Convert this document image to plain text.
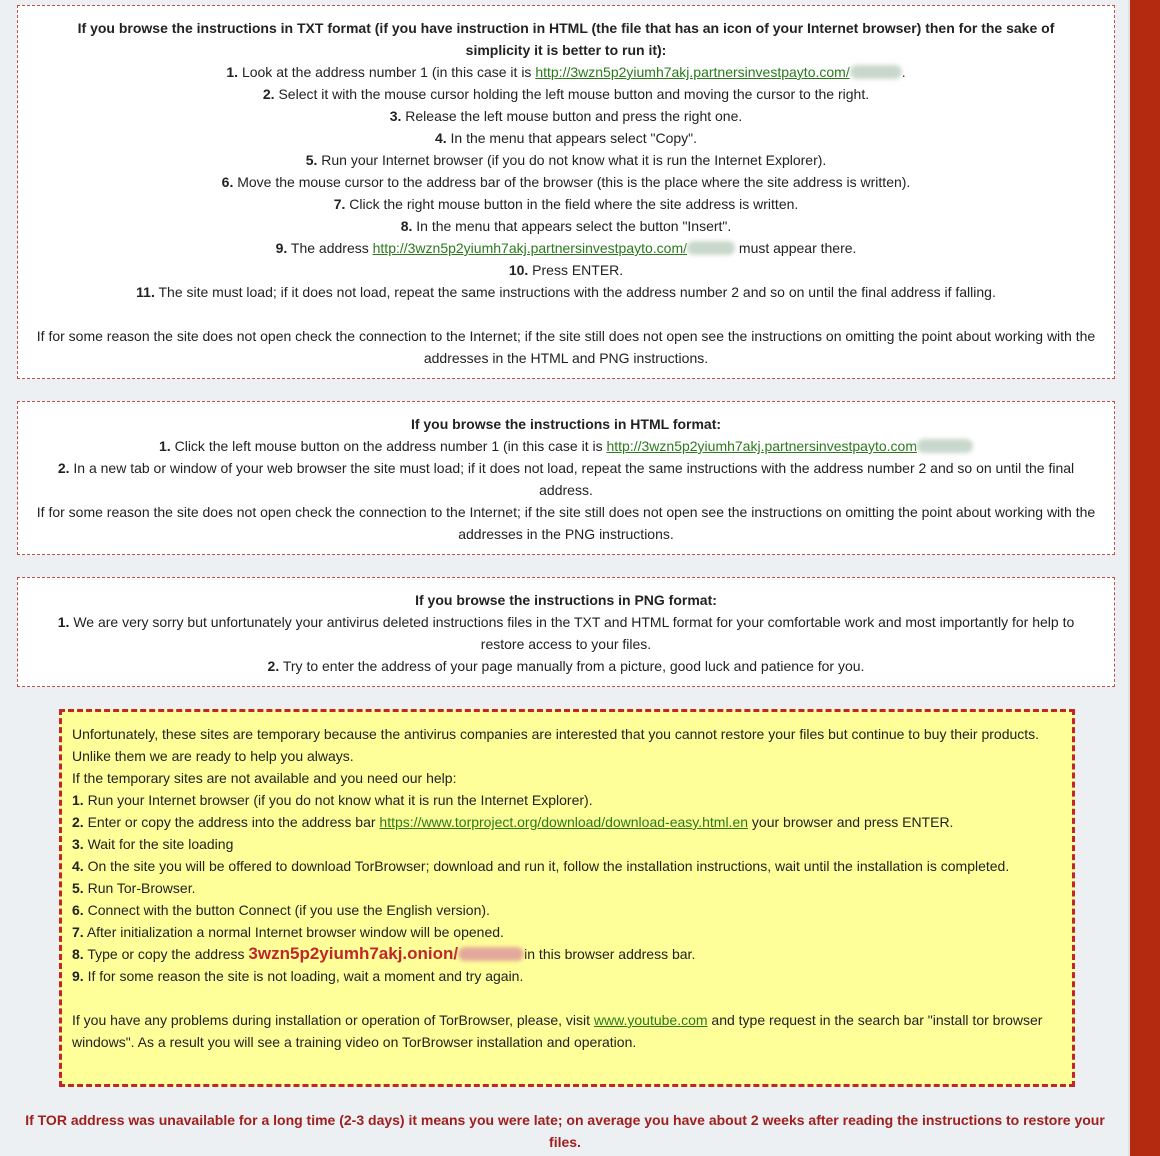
If you browse the instructions in TXT format (if you have instruction in HTML (the file that has an icon of your Internet browser) then for the sake of simplicity it is better to run it):
1. Look at the address number 1 (in this case it is http://3wzn5p2yiumh7akj.partnersinvestpayto.com/	.
2. Select it with the mouse cursor holding the left mouse button and moving the cursor to the right.
3. Release the left mouse button and press the right one.
4. In the menu that appears select "Copy".
5. Run your Internet browser (if you do not know what it is run the Internet Explorer).
6. Move the mouse cursor to the address bar of the browser (this is the place where the site address is written).
7. Click the right mouse button in the field where the site address is written.
8. In the menu that appears select the button "Insert".
9. The address http://3wzn5p2yiumh7akj.partnersinvestpayto.com/	must appear there.
10. Press ENTER.
11. The site must load; if it does not load, repeat the same instructions with the address number 2 and so on until the final address if falling.
If for some reason the site does not open check the connection to the Internet; if the site still does not open see the instructions on omitting the point about working with the addresses in the HTML and PNG instructions.
If you browse the instructions in HTML format:
1. Click the left mouse button on the address number 1 (in this case it is http://3wzn5p2yiumh7akj.partnersinvestpayto.com
2. In a new tab or window of your web browser the site must load; if it does not load, repeat the same instructions with the address number 2 and so on until the final address.
If for some reason the site does not open check the connection to the Internet; if the site still does not open see the instructions on omitting the point about working with the addresses in the PNG instructions.
If you browse the instructions in PNG format:
1. We are very sorry but unfortunately your antivirus deleted instructions files in the TXT and HTML format for your comfortable work and most importantly for help to restore access to your files.
2. Try to enter the address of your page manually from a picture, good luck and patience for you.
Unfortunately, these sites are temporary because the antivirus companies are interested that you cannot restore your files but continue to buy their products.
Unlike them we are ready to help you always.
If the temporary sites are not available and you need our help:
1. Run your Internet browser (if you do not know what it is run the Internet Explorer).
2. Enter or copy the address into the address bar https://www.torproject.org/download/download-easy.html.en your browser and press ENTER.
3. Wait for the site loading
4. On the site you will be offered to download TorBrowser; download and run it, follow the installation instructions, wait until the installation is completed.
5. Run Tor-Browser.
6. Connect with the button Connect (if you use the English version).
7. After initialization a normal Internet browser window will be opened.
8. Type or copy the address 3wzn5p2yiumh7akj.onion/	in this browser address bar.
9. If for some reason the site is not loading, wait a moment and try again.
If you have any problems during installation or operation of TorBrowser, please, visit www.youtube.com and type request in the search bar "install tor browser windows". As a result you will see a training video on TorBrowser installation and operation.
If TOR address was unavailable for a long time (2-3 days) it means you were late; on average you have about 2 weeks after reading the instructions to restore your files.
